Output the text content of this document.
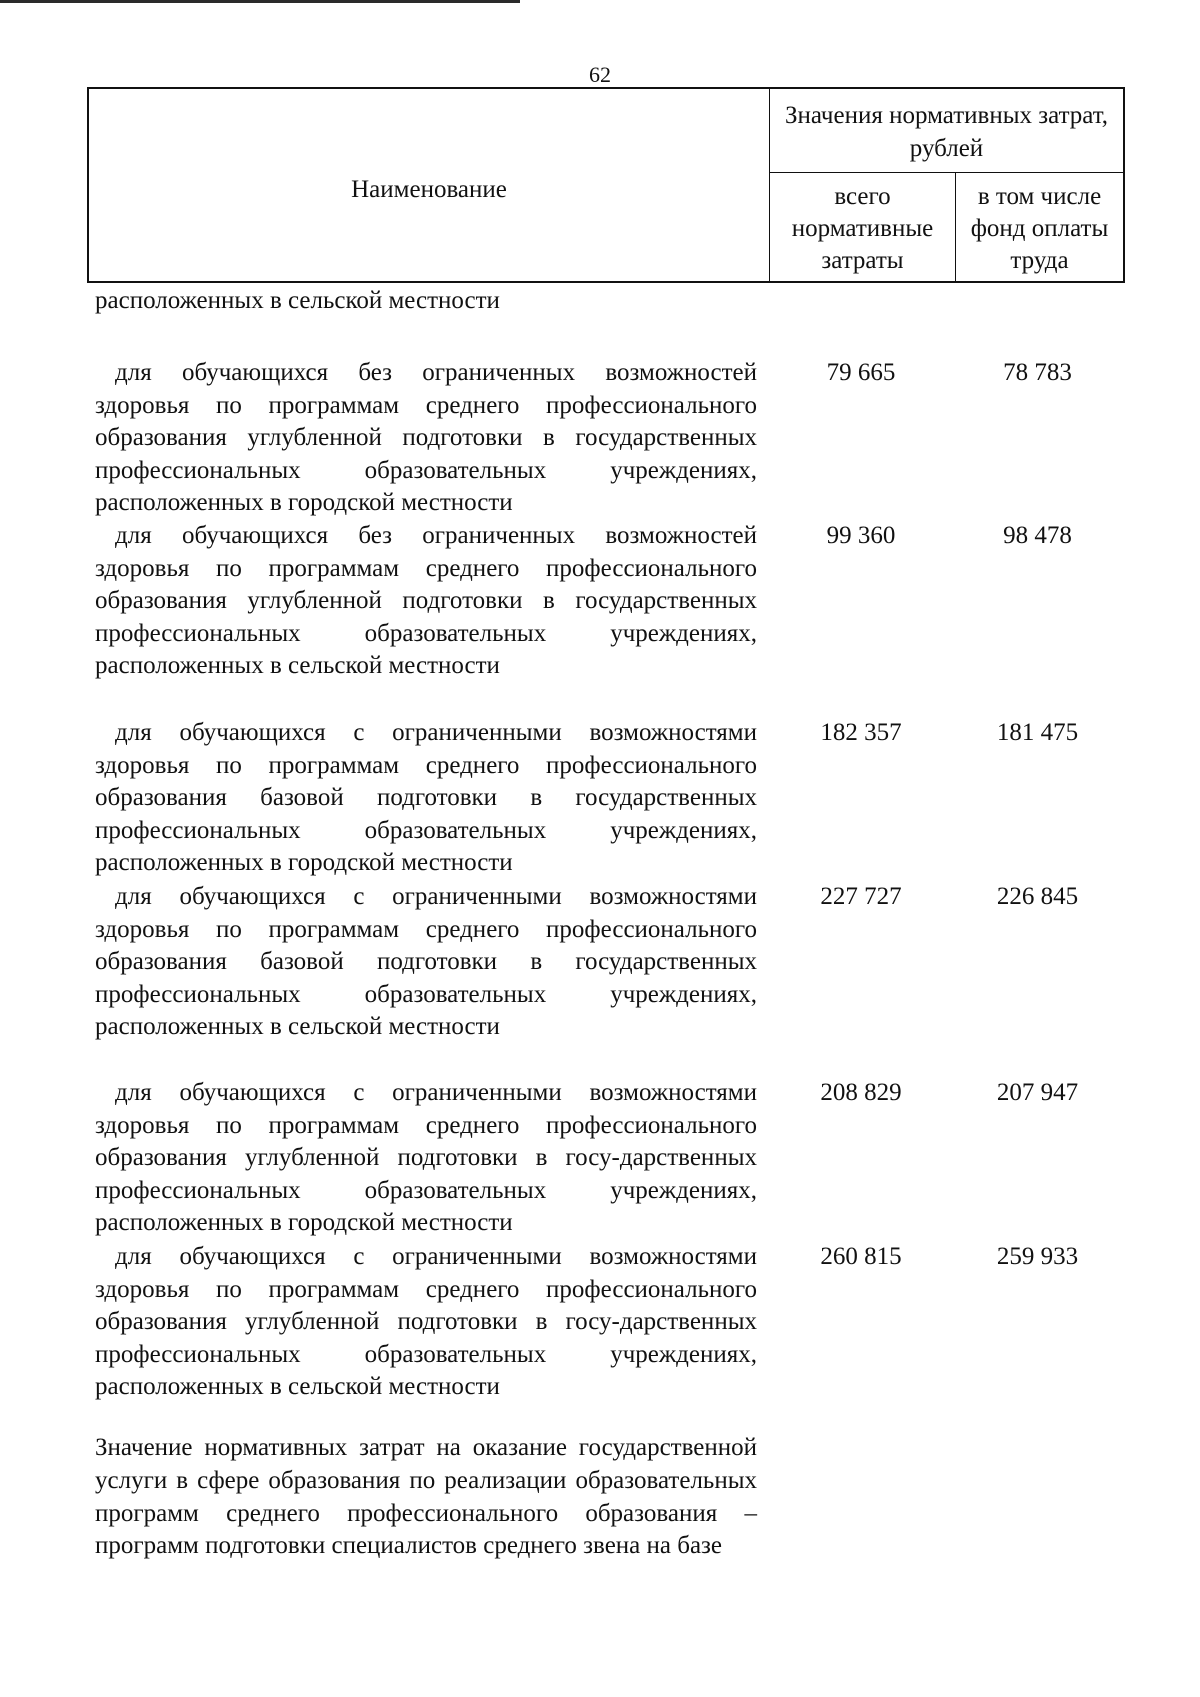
62
Наименование
Значения нормативных затрат, рублей
всего нормативные затраты
в том числе фонд оплаты труда
расположенных в сельской местности
для обучающихся без ограниченных возможностей здоровья по программам среднего профессионального образования углубленной подготовки в государственных профессиональных образовательных учреждениях, расположенных в городской местности
79 665	78 783
для обучающихся без ограниченных возможностей здоровья по программам среднего профессионального образования углубленной подготовки в государственных профессиональных образовательных учреждениях, расположенных в сельской местности
99 360	98 478
для обучающихся с ограниченными возможностями здоровья по программам среднего профессионального образования базовой подготовки в государственных профессиональных образовательных учреждениях, расположенных в городской местности
182 357	181 475
для обучающихся с ограниченными возможностями здоровья по программам среднего профессионального образования базовой подготовки в государственных профессиональных образовательных учреждениях, расположенных в сельской местности
227 727	226 845
для обучающихся с ограниченными возможностями здоровья по программам среднего профессионального образования углубленной подготовки в госу-дарственных профессиональных образовательных учреждениях, расположенных в городской местности
208 829	207 947
для обучающихся с ограниченными возможностями здоровья по программам среднего профессионального образования углубленной подготовки в госу-дарственных профессиональных образовательных учреждениях, расположенных в сельской местности
260 815	259 933
Значение нормативных затрат на оказание государственной услуги в сфере образования по реализации образовательных программ среднего профессионального образования – программ подготовки специалистов среднего звена на базе
